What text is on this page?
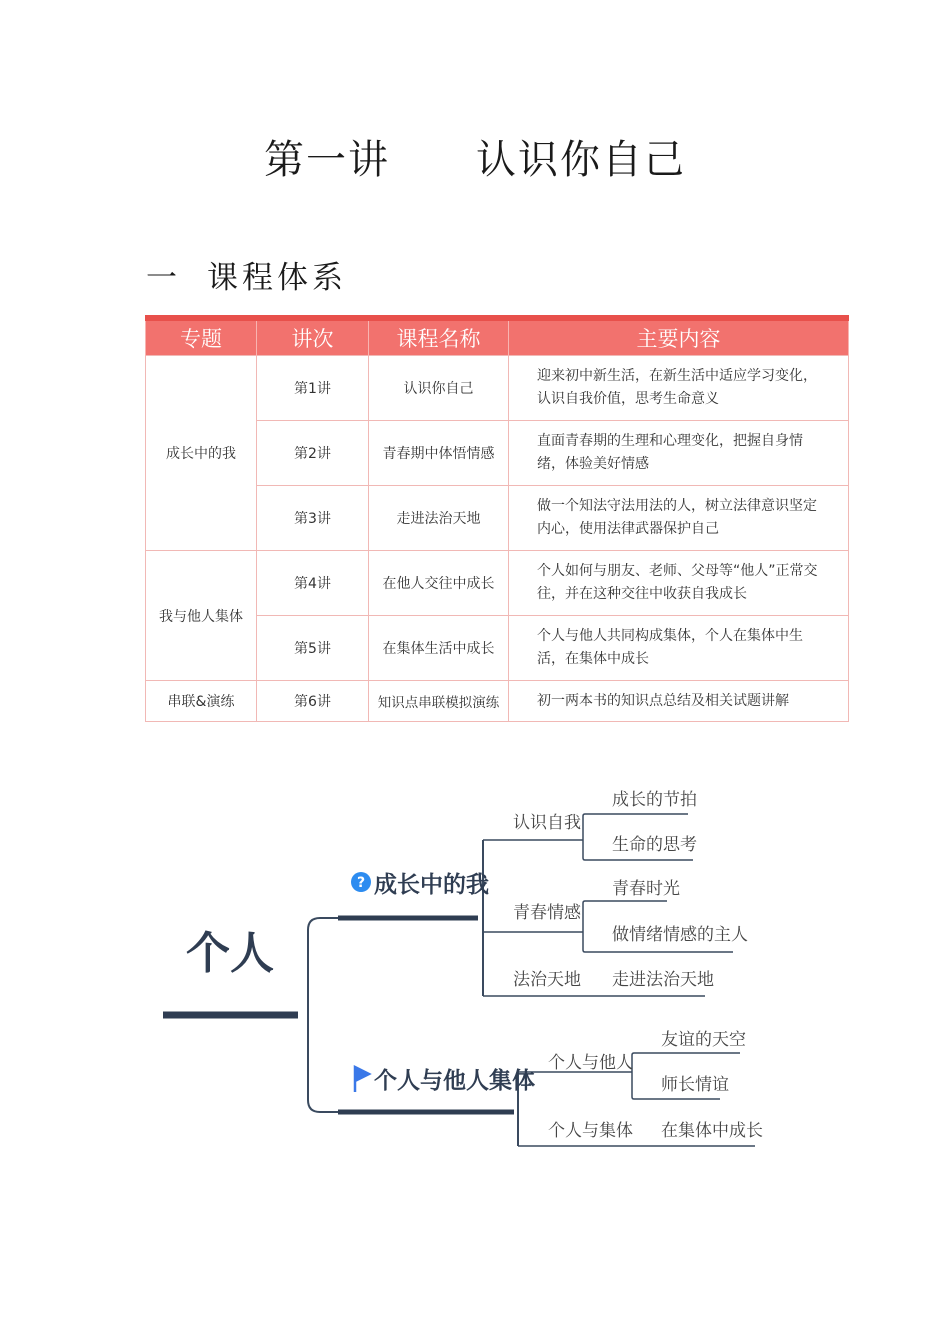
第一讲 认识你自己
一 课程体系
专题	讲次	课程名称	主要内容
成长中的我	第1讲	认识你自己	迎来初中新生活，在新生活中适应学习变化，认识自我价值，思考生命意义
	第2讲	青春期中体悟情感	直面青春期的生理和心理变化，把握自身情绪，体验美好情感
	第3讲	走进法治天地	做一个知法守法用法的人，树立法律意识坚定内心，使用法律武器保护自己
我与他人集体	第4讲	在他人交往中成长	个人如何与朋友、老师、父母等“他人”正常交往，并在这种交往中收获自我成长
	第5讲	在集体生活中成长	个人与他人共同构成集体，个人在集体中生活，在集体中成长
串联&演练	第6讲	知识点串联模拟演练	初一两本书的知识点总结及相关试题讲解
个人
? 成长中的我
个人与他人集体
认识自我
青春情感
法治天地
成长的节拍
生命的思考
青春时光
做情绪情感的主人
走进法治天地
个人与他人
个人与集体
友谊的天空
师长情谊
在集体中成长
